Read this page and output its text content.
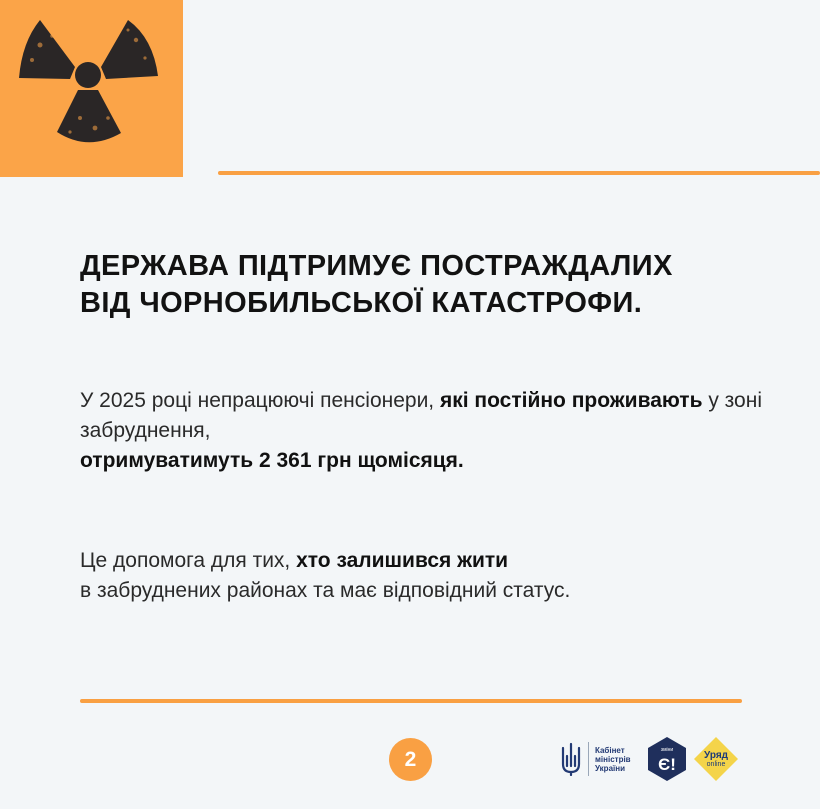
ДЕРЖАВА ПІДТРИМУЄ ПОСТРАЖДАЛИХ
ВІД ЧОРНОБИЛЬСЬКОЇ КАТАСТРОФИ.

У 2025 році непрацюючі пенсіонери, які постійно проживають у зоні забруднення,
отримуватимуть 2 361 грн щомісяця.

Це допомога для тих, хто залишився жити
в забруднених районах та має відповідний статус.

2	Кабінет
міністрів
України
зміни
Є!	Уряд
online
